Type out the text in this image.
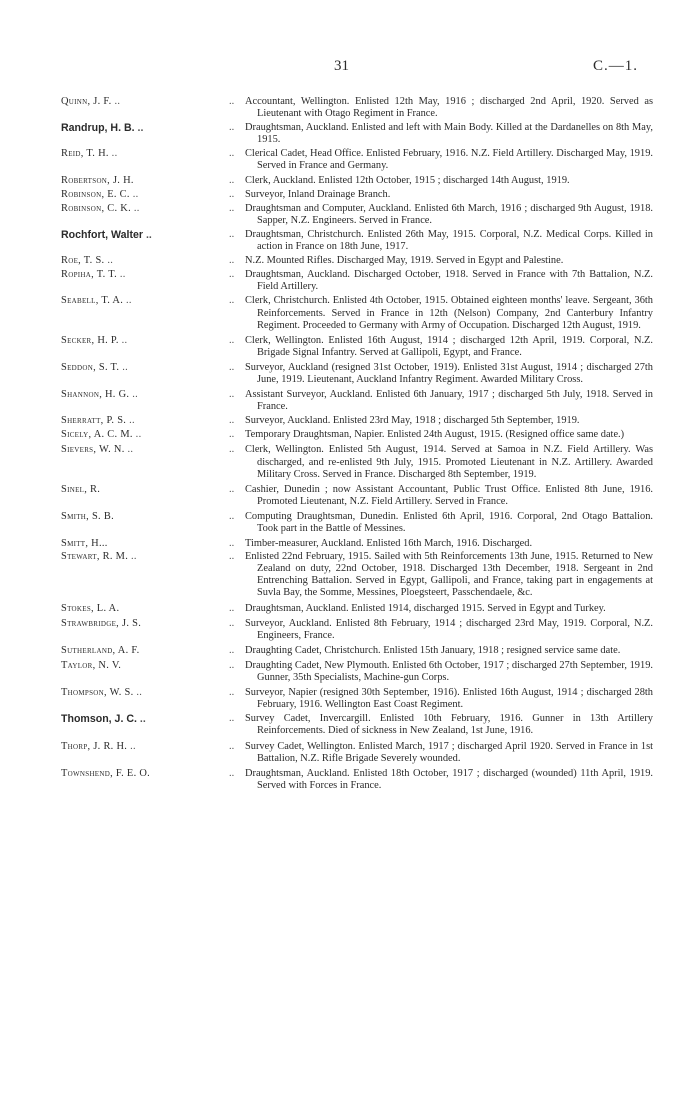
31	C.—1.
Quinn, J. F. ..	..	Accountant, Wellington. Enlisted 12th May, 1916 ; discharged 2nd April, 1920. Served as Lieutenant with Otago Regiment in France.
Randrup, H. B. ..	..	Draughtsman, Auckland. Enlisted and left with Main Body. Killed at the Dardanelles on 8th May, 1915.
Reid, T. H. ..	..	Clerical Cadet, Head Office. Enlisted February, 1916. N.Z. Field Artillery. Discharged May, 1919. Served in France and Germany.
Robertson, J. H.	..	Clerk, Auckland. Enlisted 12th October, 1915 ; discharged 14th August, 1919.
Robinson, E. C. ..	..	Surveyor, Inland Drainage Branch.
Robinson, C. K. ..	..	Draughtsman and Computer, Auckland. Enlisted 6th March, 1916 ; discharged 9th August, 1918. Sapper, N.Z. Engineers. Served in France.
Rochfort, Walter ..	..	Draughtsman, Christchurch. Enlisted 26th May, 1915. Corporal, N.Z. Medical Corps. Killed in action in France on 18th June, 1917.
Roe, T. S. ..	..	N.Z. Mounted Rifles. Discharged May, 1919. Served in Egypt and Palestine.
Ropiha, T. T. ..	..	Draughtsman, Auckland. Discharged October, 1918. Served in France with 7th Battalion, N.Z. Field Artillery.
Seabell, T. A. ..	..	Clerk, Christchurch. Enlisted 4th October, 1915. Obtained eighteen months' leave. Sergeant, 36th Reinforcements. Served in France in 12th (Nelson) Company, 2nd Canterbury Infantry Regiment. Proceeded to Germany with Army of Occupation. Discharged 12th August, 1919.
Secker, H. P. ..	..	Clerk, Wellington. Enlisted 16th August, 1914 ; discharged 12th April, 1919. Corporal, N.Z. Brigade Signal Infantry. Served at Gallipoli, Egypt, and France.
Seddon, S. T. ..	..	Surveyor, Auckland (resigned 31st October, 1919). Enlisted 31st August, 1914 ; discharged 27th June, 1919. Lieutenant, Auckland Infantry Regiment. Awarded Military Cross.
Shannon, H. G. ..	..	Assistant Surveyor, Auckland. Enlisted 6th January, 1917 ; discharged 5th July, 1918. Served in France.
Sherratt, P. S. ..	..	Surveyor, Auckland. Enlisted 23rd May, 1918 ; discharged 5th September, 1919.
Sicely, A. C. M. ..	..	Temporary Draughtsman, Napier. Enlisted 24th August, 1915. (Resigned office same date.)
Sievers, W. N. ..	..	Clerk, Wellington. Enlisted 5th August, 1914. Served at Samoa in N.Z. Field Artillery. Was discharged, and re-enlisted 9th July, 1915. Promoted Lieutenant in N.Z. Artillery. Awarded Military Cross. Served in France. Discharged 8th September, 1919.
Sinel, R.	..	Cashier, Dunedin ; now Assistant Accountant, Public Trust Office. Enlisted 8th June, 1916. Promoted Lieutenant, N.Z. Field Artillery. Served in France.
Smith, S. B.	..	Computing Draughtsman, Dunedin. Enlisted 6th April, 1916. Corporal, 2nd Otago Battalion. Took part in the Battle of Messines.
Smitt, H...	..	Timber-measurer, Auckland. Enlisted 16th March, 1916. Discharged.
Stewart, R. M. ..	..	Enlisted 22nd February, 1915. Sailed with 5th Reinforcements 13th June, 1915. Returned to New Zealand on duty, 22nd October, 1918. Discharged 13th December, 1918. Sergeant in 2nd Entrenching Battalion. Served in Egypt, Gallipoli, and France, taking part in engagements at Suvla Bay, the Somme, Messines, Ploegsteert, Passchendaele, &c.
Stokes, L. A.	..	Draughtsman, Auckland. Enlisted 1914, discharged 1915. Served in Egypt and Turkey.
Strawbridge, J. S.	..	Surveyor, Auckland. Enlisted 8th February, 1914 ; discharged 23rd May, 1919. Corporal, N.Z. Engineers, France.
Sutherland, A. F.	..	Draughting Cadet, Christchurch. Enlisted 15th January, 1918 ; resigned service same date.
Taylor, N. V.	..	Draughting Cadet, New Plymouth. Enlisted 6th October, 1917 ; discharged 27th September, 1919. Gunner, 35th Specialists, Machine-gun Corps.
Thompson, W. S. ..	..	Surveyor, Napier (resigned 30th September, 1916). Enlisted 16th August, 1914 ; discharged 28th February, 1916. Wellington East Coast Regiment.
Thomson, J. C. ..	..	Survey Cadet, Invercargill. Enlisted 10th February, 1916. Gunner in 13th Artillery Reinforcements. Died of sickness in New Zealand, 1st June, 1916.
Thorp, J. R. H. ..	..	Survey Cadet, Wellington. Enlisted March, 1917 ; discharged April 1920. Served in France in 1st Battalion, N.Z. Rifle Brigade Severely wounded.
Townshend, F. E. O.	..	Draughtsman, Auckland. Enlisted 18th October, 1917 ; discharged (wounded) 11th April, 1919. Served with Forces in France.
